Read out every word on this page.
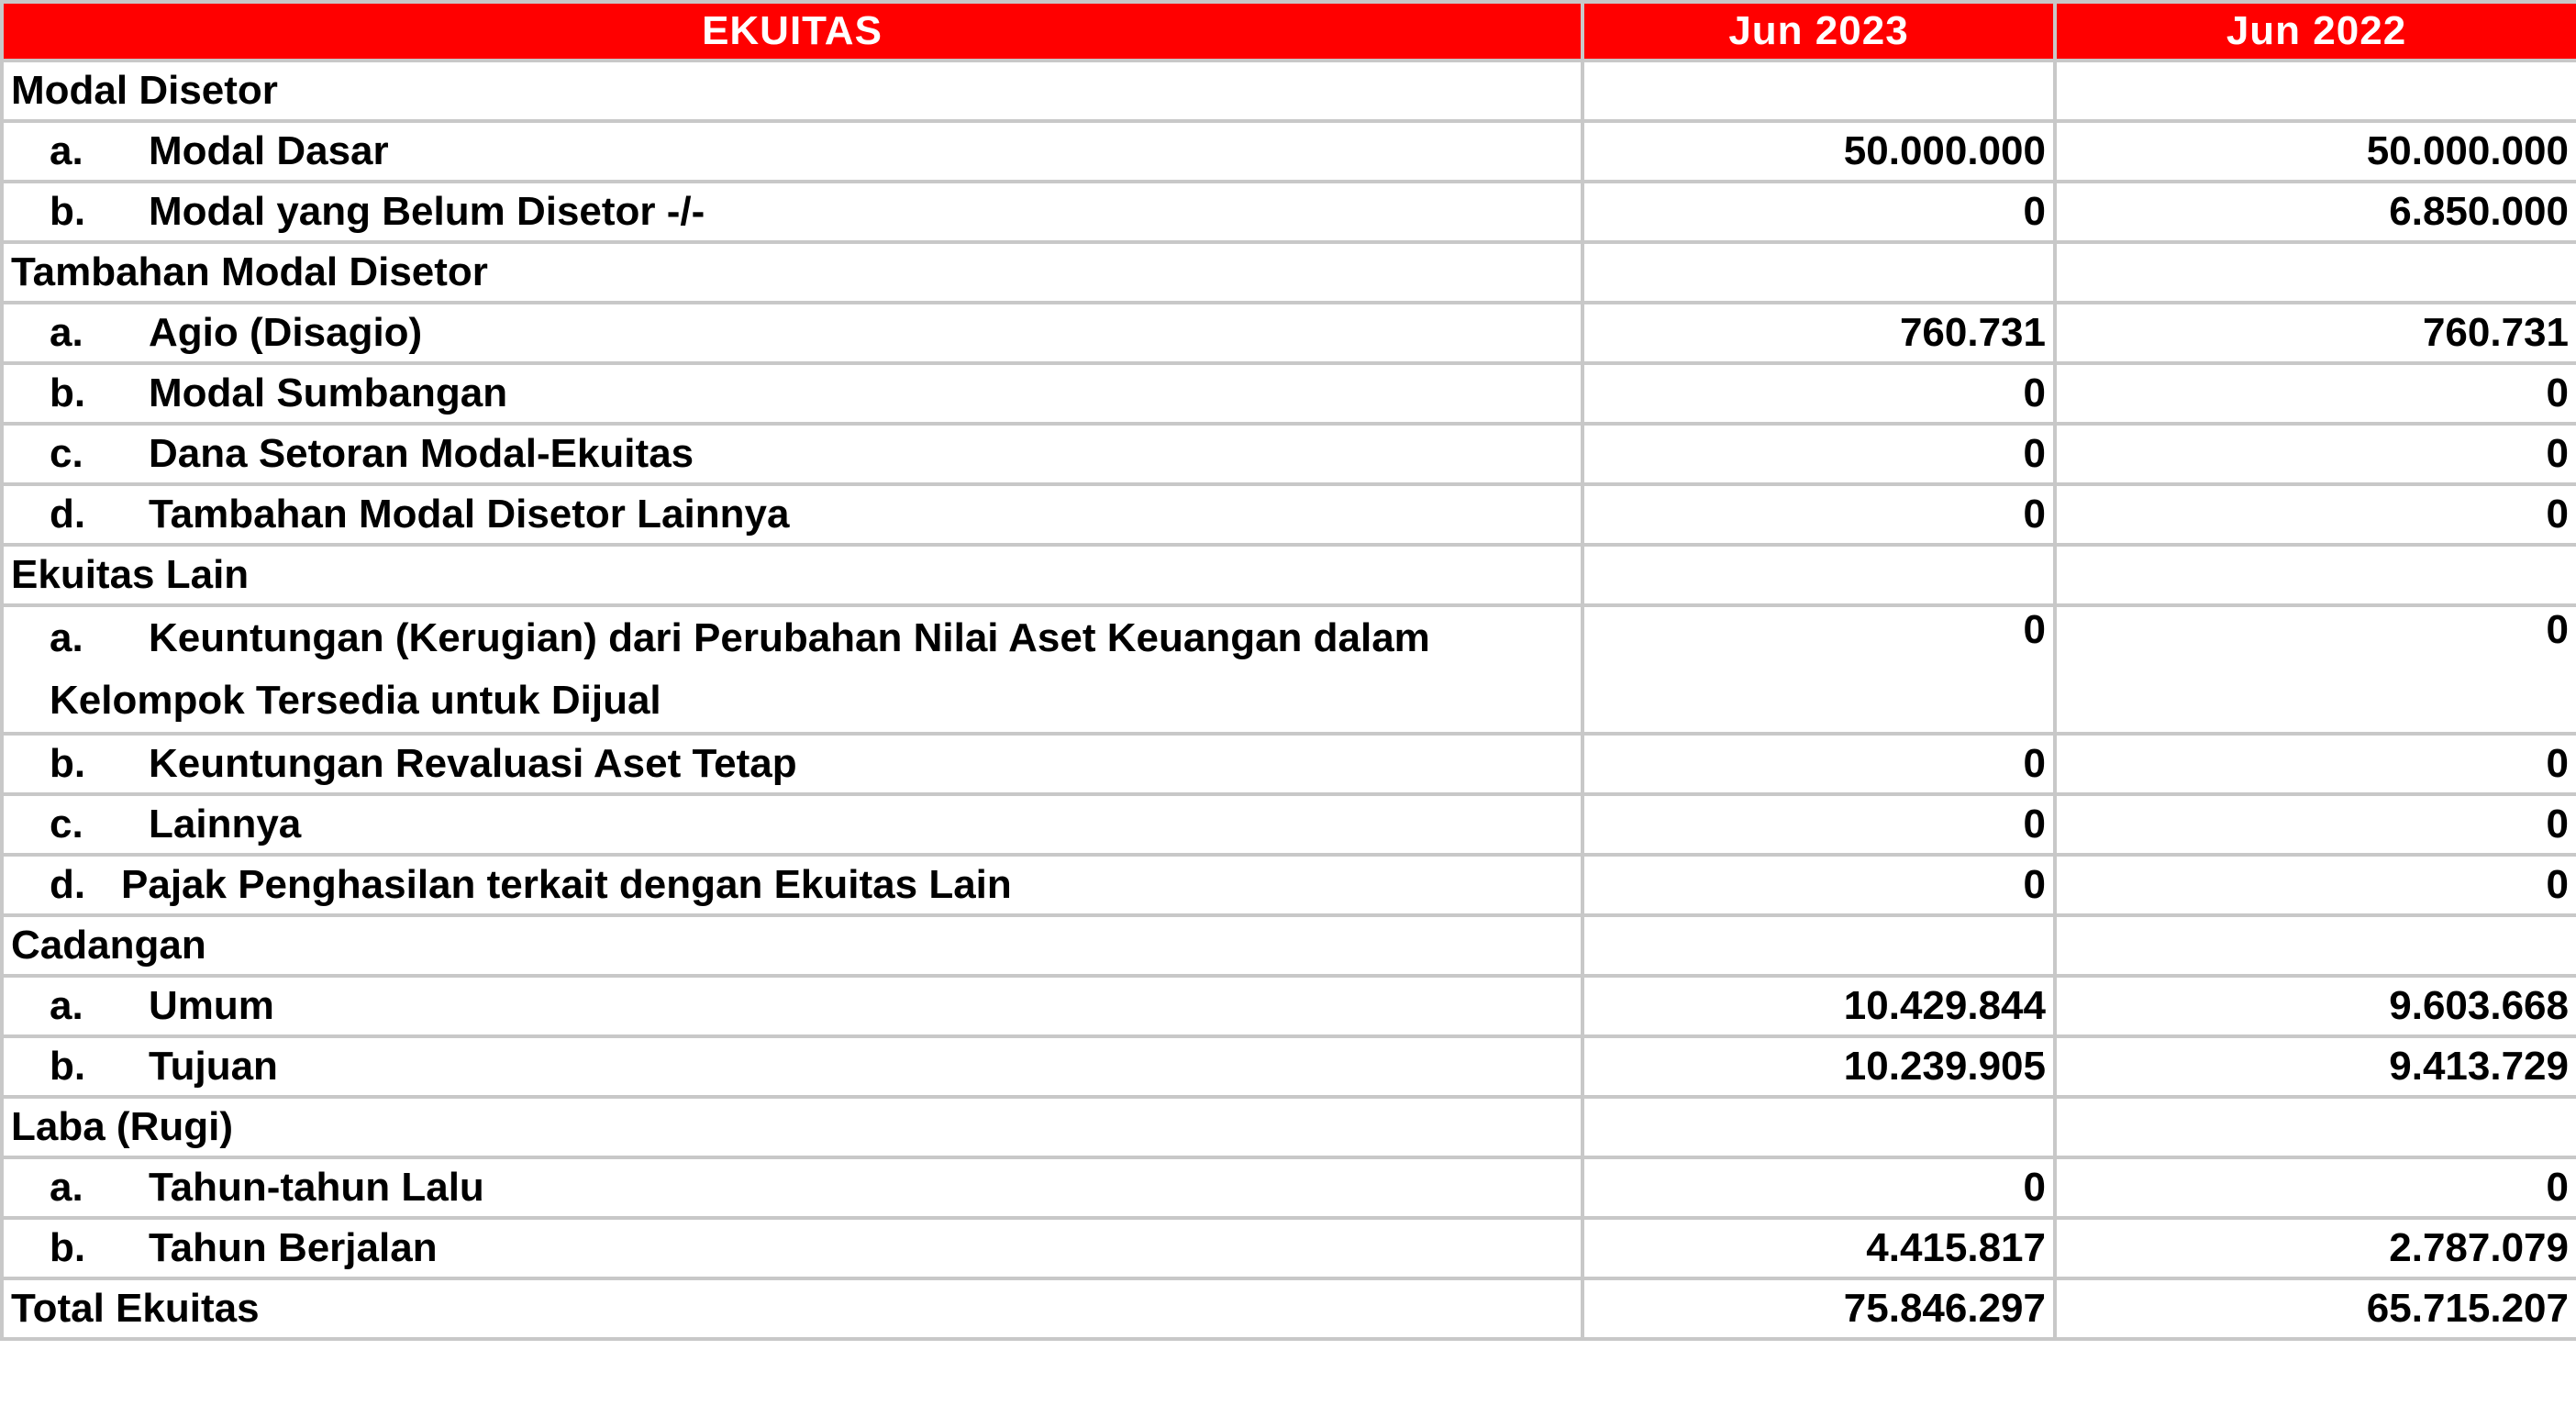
EKUITAS	Jun 2023	Jun 2022
Modal Disetor		
a. Modal Dasar	50.000.000	50.000.000
b. Modal yang Belum Disetor -/-	0	6.850.000
Tambahan Modal Disetor		
a. Agio (Disagio)	760.731	760.731
b. Modal Sumbangan	0	0
c. Dana Setoran Modal-Ekuitas	0	0
d. Tambahan Modal Disetor Lainnya	0	0
Ekuitas Lain		

a. Keuntungan (Kerugian) dari Perubahan Nilai Aset Keuangan dalam
Kelompok Tersedia untuk Dijual	0	0
b. Keuntungan Revaluasi Aset Tetap	0	0
c. Lainnya	0	0
d. Pajak Penghasilan terkait dengan Ekuitas Lain	0	0
Cadangan		
a. Umum	10.429.844	9.603.668
b. Tujuan	10.239.905	9.413.729
Laba (Rugi)		
a. Tahun-tahun Lalu	0	0
b. Tahun Berjalan	4.415.817	2.787.079
Total Ekuitas	75.846.297	65.715.207
